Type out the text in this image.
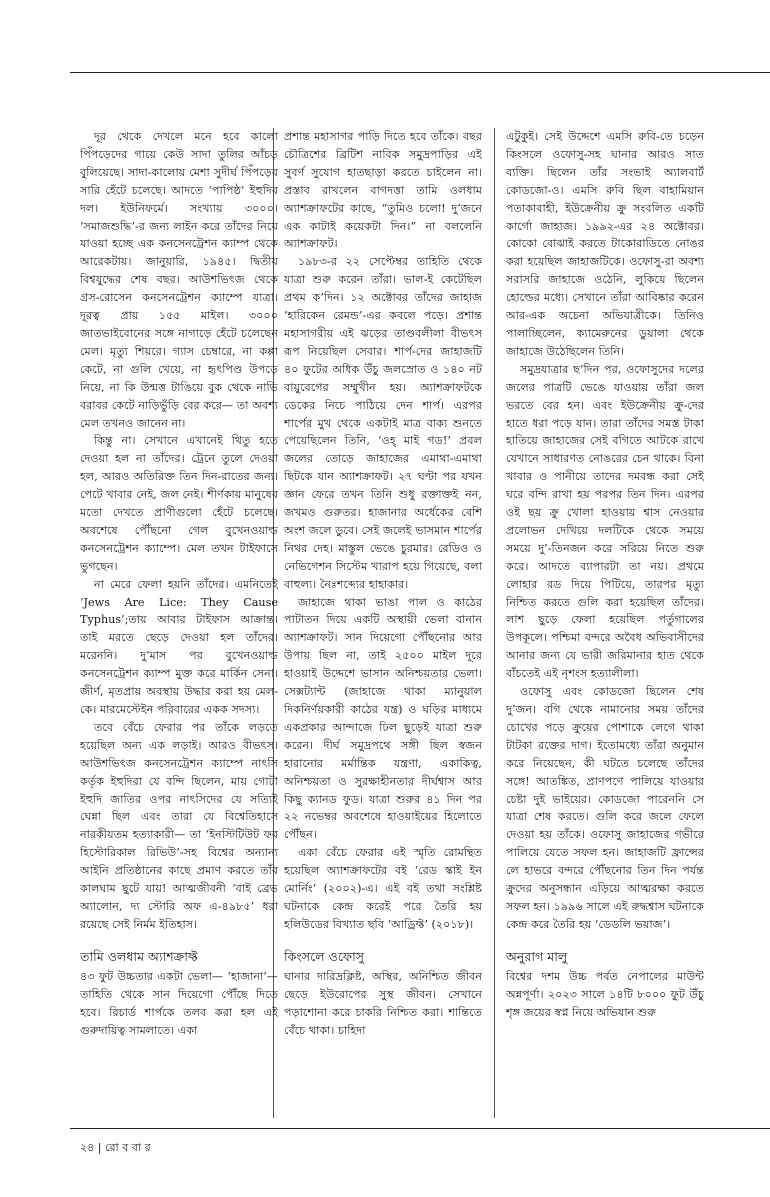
দূর থেকে দেখলে মনে হবে কালো পিঁপড়েদের গায়ে কেউ সাদা তুলির আঁচড় বুলিয়েছে। সাদা-কালোয় মেশা সুদীর্ঘ পিঁপড়ের সারি হেঁটে চলেছে। আদতে ‘পাপিষ্ঠ’ ইহুদির দল। ইউনিফর্মে। সংখ্যায় ৩০০০। ‘সমাজশুদ্ধি’-র জন্য লাইন করে তাঁদের নিয়ে যাওয়া হচ্ছে এক কনসেনট্রেশন ক্যাম্প থেকে আরেকটায়। জানুয়ারি, ১৯৪৫। দ্বিতীয় বিশ্বযুদ্ধের শেষ বছর। আউশভিৎজ থেকে গ্রস-রোসেন কনসেনট্রেশন ক্যাম্পে যাত্রা। দূরত্ব প্রায় ১৫৫ মাইল। ৩০০০ জাতভাইবোনের সঙ্গে নাগাড়ে হেঁটে চলেছেন মেল। মৃত্যু শিয়রে। গ্যাস চেম্বারে, না কপ্পা কেটে, না গুলি খেয়ে, না হৃৎপিণ্ড উপড়ে নিয়ে, না কি উন্মত্ত টাঙিয়ে বুক থেকে নাভি বরাবর কেটে নাড়িভুঁড়ি বের করে— তা অবশ্য মেল তখনও জানেন না।

কিন্তু না। সেখানে এখানেই থিতু হতে দেওয়া হল না তাঁদের। ট্রেনে তুলে দেওয়া হল, আরও অতিরিক্ত তিন দিন-রাতের জন্য। পেটে খাবার নেই, জল নেই। শীর্ণকায় মানুষের মতো দেখতে প্রাণীগুলো হেঁটে চলেছে। অবশেষে পৌঁছনো গেল বুখেনওয়াল্ড কনসেনট্রেশন ক্যাম্পে। মেল তখন টাইফাসে ভুগছেন।

না মেরে ফেলা হয়নি তাঁদের। এমনিতেই ‘Jews Are Lice: They Cause Typhus’;তায় আবার টাইফাস আক্রান্ত। তাই মরতে ছেড়ে দেওয়া হল তাঁদের। মরেননি। দু’মাস পর বুখেনওয়াল্ড কনসেনট্রেশন ক্যাম্প মুক্ত করে মার্কিন সেনা। জীর্ণ, মৃতপ্রায় অবস্থায় উদ্ধার করা হয় মেল-কে। মারমেস্টেইন পরিবারের একক সদস্য।

তবে বেঁচে ফেরার পর তাঁকে লড়তে হয়েছিল অন্য এক লড়াই। আরও বীভৎস। আউশভিৎজ কনসেনট্রেশন ক্যাম্পে নাৎসি কর্তৃক ইহুদিরা যে বন্দি ছিলেন, মায় গোটা ইহুদি জাতির ওপর নাৎসিদের যে সত্যিই ঘেন্না ছিল এবং তারা যে বিশ্বেতিহাসে নারকীয়তম হত্যাকারী— তা ‘ইনস্টিটিউট ফর হিস্টোরিকাল রিভিউ’-সহ বিশ্বের অন্যান্য আইনি প্রতিষ্ঠানের কাছে প্রমাণ করতে তাঁর কালঘাম ছুটে যায়! আত্মজীবনী ‘বাই ব্রেভ অ্যালোন, দ্য স্টোরি অফ এ-৪৯৮৫’ ধরা রয়েছে সেই নির্মম ইতিহাস।

তামি ওলধাম অ্যাশক্রাফ্ট

৪৩ ফুট উচ্চতার একটা ভেলা— ‘হাজানা’— তাহিতি থেকে সান দিয়েগো পৌঁছে দিতে হবে। রিচার্ড শার্পকে তলব করা হল এই গুরুদায়িত্ব সামলাতে। একা

প্রশান্ত মহাসাগর পাড়ি দিতে হবে তাঁকে। বছর চৌত্রিশের ব্রিটিশ নাবিক সমুদ্রপাড়ির এই সুবর্ণ সুযোগ হাতছাড়া করতে চাইলেন না। প্রস্তাব রাখলেন বাগদত্তা তামি ওলধাম অ্যাশক্রাফটের কাছে, “তুমিও চলো! দু’জনে এক কাটাই কয়েকটা দিন।” না বললেনি অ্যাশক্রাফট।

১৯৮৩-র ২২ সেপ্টেম্বর তাহিতি থেকে যাত্রা শুরু করেন তাঁরা। ভাল-ই কেটেছিল প্রথম ক’দিন। ১২ অক্টোবর তাঁদের জাহাজ ‘হারিকেন রেমন্ড’-এর কবলে পড়ে। প্রশান্ত মহাসাগরীয় এই ঝড়ের তাণ্ডবলীলা বীভৎস রূপ নিয়েছিল সেবার। শার্প-দের জাহাজটি ৪০ ফুটের অধিক উঁচু জলস্রোত ও ১৪০ নট বায়ুবেগের সম্মুখীন হয়। অ্যাশক্রাফটকে ডেকের নিচে পাঠিয়ে দেন শার্প। এরপর শার্পের মুখ থেকে একটাই মাত্র বাক্য শুনতে পেয়েছিলেন তিনি, ‘ওহ্ মাই গড!’ প্রবল জলের তোড়ে জাহাজের এমাথা-এমাথা ছিটকে যান অ্যাশক্রাফট। ২৭ ঘণ্টা পর যখন জ্ঞান ফেরে তখন তিনি শুধু রক্তাক্তই নন, জখমও গুরুতর। হাজানার অর্ধেকের বেশি অংশ জলে ডুবে। সেই জলেই ভাসমান শার্পের নিথর দেহ। মাস্তুল ভেঙে চুরমার। রেডিও ও নেভিগেশন সিস্টেম খারাপ হয়ে গিয়েছে, বলা বাহুল্য। নৈঃশব্দ্যের হাহাকার।

জাহাজে থাকা ভাঙা পাল ও কাঠের পাটাতন দিয়ে একটি অস্থায়ী ভেলা বানান অ্যাশক্রাফট। সান দিয়েগো পৌঁছনোর আর উপায় ছিল না, তাই ২৫০০ মাইল দূরে হাওয়াই উদ্দেশে ভাসান অনিশ্চয়তার ভেলা। সেক্সট্যান্ট (জাহাজে থাকা ম্যানুয়াল দিকনির্ণয়কারী কাঠের যন্ত্র) ও ঘড়ির মাধ্যমে একপ্রকার আন্দাজে ঢিল ছুড়েই যাত্রা শুরু করেন। দীর্ঘ সমুদ্রপথে সঙ্গী ছিল স্বজন হারানোর মর্মান্তিক যন্ত্রণা, একাকিত্ব, অনিশ্চয়তা ও সুরক্ষাহীনতার দীর্ঘশ্বাস আর কিছু ক্যানড ফুড। যাত্রা শুরুর ৪১ দিন পর ২২ নভেম্বর অবশেষে হাওয়াইয়ের হিলোতে পৌঁছন।

একা বেঁচে ফেরার এই স্মৃতি রোমন্থিত হয়েছিল অ্যাশক্রাফটের বই ‘রেড স্কাই ইন মোর্নিং’ (২০০২)-এ। এই বই তথা সংশ্লিষ্ট ঘটনাকে কেন্দ্র করেই পরে তৈরি হয় হলিউডের বিখ্যাত ছবি ‘আড্রিফ্ট’ (২০১৮)।

কিংসলে ওফোসু

ঘানার দারিদ্রক্লিষ্ট, অস্থির, অনিশ্চিত জীবন ছেড়ে ইউরোপের সুস্থ জীবন। সেখানে পড়াশোনা করে চাকরি নিশ্চিত করা। শান্তিতে বেঁচে থাকা। চাহিদা

এটুকুই। সেই উদ্দেশে এমসি রুবি-তে চড়েন কিংসলে ওফোসু-সহ ঘানার আরও সাত ব্যক্তি। ছিলেন তাঁর সংভাই অ্যালবার্ট কোডজো-ও। এমসি রুবি ছিল বাহামিয়ান পতাকাবাহী, ইউক্রেনীয় ক্রু সংবলিত একটি কার্গো জাহাজ। ১৯৯২-এর ২৪ অক্টোবর। কোকো বোঝাই করতে টাকোরাডিতে নোঙর করা হয়েছিল জাহাজটিকে। ওফোসু-রা অবশ্য সরাসরি জাহাজে ওঠেনি, লুকিয়ে ছিলেন হোল্ডের মধ্যে। সেখানে তাঁরা আবিষ্কার করেন আর-এক অচেনা অভিযাত্রীকে। তিনিও পালাচ্ছিলেন, ক্যামেরুনের ডুয়ালা থেকে জাহাজে উঠেছিলেন তিনি।

সমুদ্রযাত্রার ছ’দিন পর, ওফোসুদের দলের জলের পাত্রটি ভেঙে যাওয়ায় তাঁরা জল ভরতে বের হন। এবং ইউক্রেনীয় ক্রু-দের হাতে ধরা পড়ে যান। তারা তাঁদের সমস্ত টাকা হাতিয়ে জাহাজের সেই বগিতে আটকে রাখে যেখানে সাধারণত নোঙরের চেন থাকে। বিনা খাবার ও পানীয়ে তাদের দমবন্ধ করা সেই ঘরে বন্দি রাখা হয় পরপর তিন দিন। এরপর ওই ছয় ক্রু খোলা হাওয়ায় শ্বাস নেওয়ার প্রলোভন দেখিয়ে দলটিকে থেকে সময়ে সময়ে দু’-তিনজন করে সরিয়ে নিতে শুরু করে। আদতে ব্যাপারটা তা নয়। প্রথমে লোহার রড দিয়ে পিটিয়ে, তারপর মৃত্যু নিশ্চিত করতে গুলি করা হয়েছিল তাঁদের। লাশ ছুড়ে ফেলা হয়েছিল পর্তুগালের উপকূলে। পশ্চিমা বন্দরে অবৈধ অভিবাসীদের আনার জন্য যে ভারী জরিমানার হাত থেকে বাঁচতেই এই নৃশংস হত্যালীলা।

ওফোসু এবং কোডজো ছিলেন শেষ দু’জন। বগি থেকে নামানোর সময় তাঁদের চোখের পড়ে ক্রুয়ের পোশাকে লেগে থাকা টাটকা রক্তের দাগ। ইতোমধ্যে তাঁরা অনুমান করে নিয়েছেন, কী ঘটতে চলেছে তাঁদের সঙ্গে! আতঙ্কিত, প্রাণপণে পালিয়ে যাওয়ার চেষ্টা দুই ভাইয়ের। কোডজো পারেননি সে যাত্রা শেষ করতে। গুলি করে জলে ফেলে দেওয়া হয় তাঁকে। ওফোসু জাহাজের গভীরে পালিয়ে যেতে সফল হন। জাহাজটি ফ্রান্সের লে হাভরে বন্দরে পৌঁছনোর তিন দিন পর্যন্ত ক্রুদের অনুসন্ধান এড়িয়ে আত্মরক্ষা করতে সফল হন। ১৯৯৬ সালে এই রুদ্ধশ্বাস ঘটনাকে কেন্দ্র করে তৈরি হয় ‘ডেডলি ভয়াজ’।

অনুরাগ মালু

বিশ্বের দশম উচ্চ পর্বত নেপালের মাউন্ট অন্নপূর্ণা। ২০২৩ সালে ১৪টি ৮০০০ ফুট উঁচু শৃঙ্গ জয়ের স্বপ্ন নিয়ে অভিযান শুরু

২৪ | রো ব বা র
